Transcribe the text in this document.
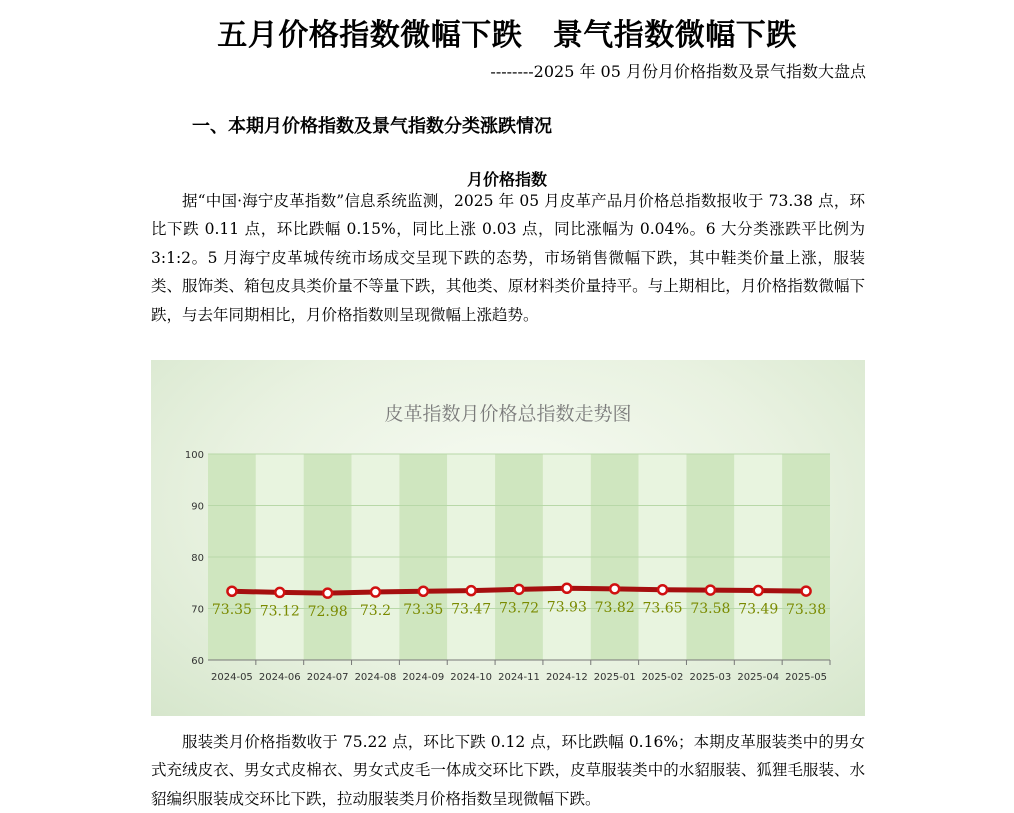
五月价格指数微幅下跌　景气指数微幅下跌
--------2025 年 05 月份月价格指数及景气指数大盘点
一、本期月价格指数及景气指数分类涨跌情况
月价格指数

据“中国·海宁皮革指数”信息系统监测，2025 年 05 月皮革产品月价格总指数报收于 73.38 点，环比下跌 0.11 点，环比跌幅 0.15%，同比上涨 0.03 点，同比涨幅为 0.04%。6 大分类涨跌平比例为 3:1:2。5 月海宁皮革城传统市场成交呈现下跌的态势，市场销售微幅下跌，其中鞋类价量上涨，服装类、服饰类、箱包皮具类价量不等量下跌，其他类、原材料类价量持平。与上期相比，月价格指数微幅下跌，与去年同期相比，月价格指数则呈现微幅上涨趋势。

皮革指数月价格总指数走势图
60
70
80
90
100
2024-05 2024-06 2024-07 2024-08 2024-09 2024-10 2024-11 2024-12 2025-01 2025-02 2025-03 2025-04 2025-05
73.35 73.12 72.98 73.2 73.35 73.47 73.72 73.93 73.82 73.65 73.58 73.49 73.38

服装类月价格指数收于 75.22 点，环比下跌 0.12 点，环比跌幅 0.16%；本期皮革服装类中的男女式充绒皮衣、男女式皮棉衣、男女式皮毛一体成交环比下跌，皮草服装类中的水貂服装、狐狸毛服装、水貂编织服装成交环比下跌，拉动服装类月价格指数呈现微幅下跌。
